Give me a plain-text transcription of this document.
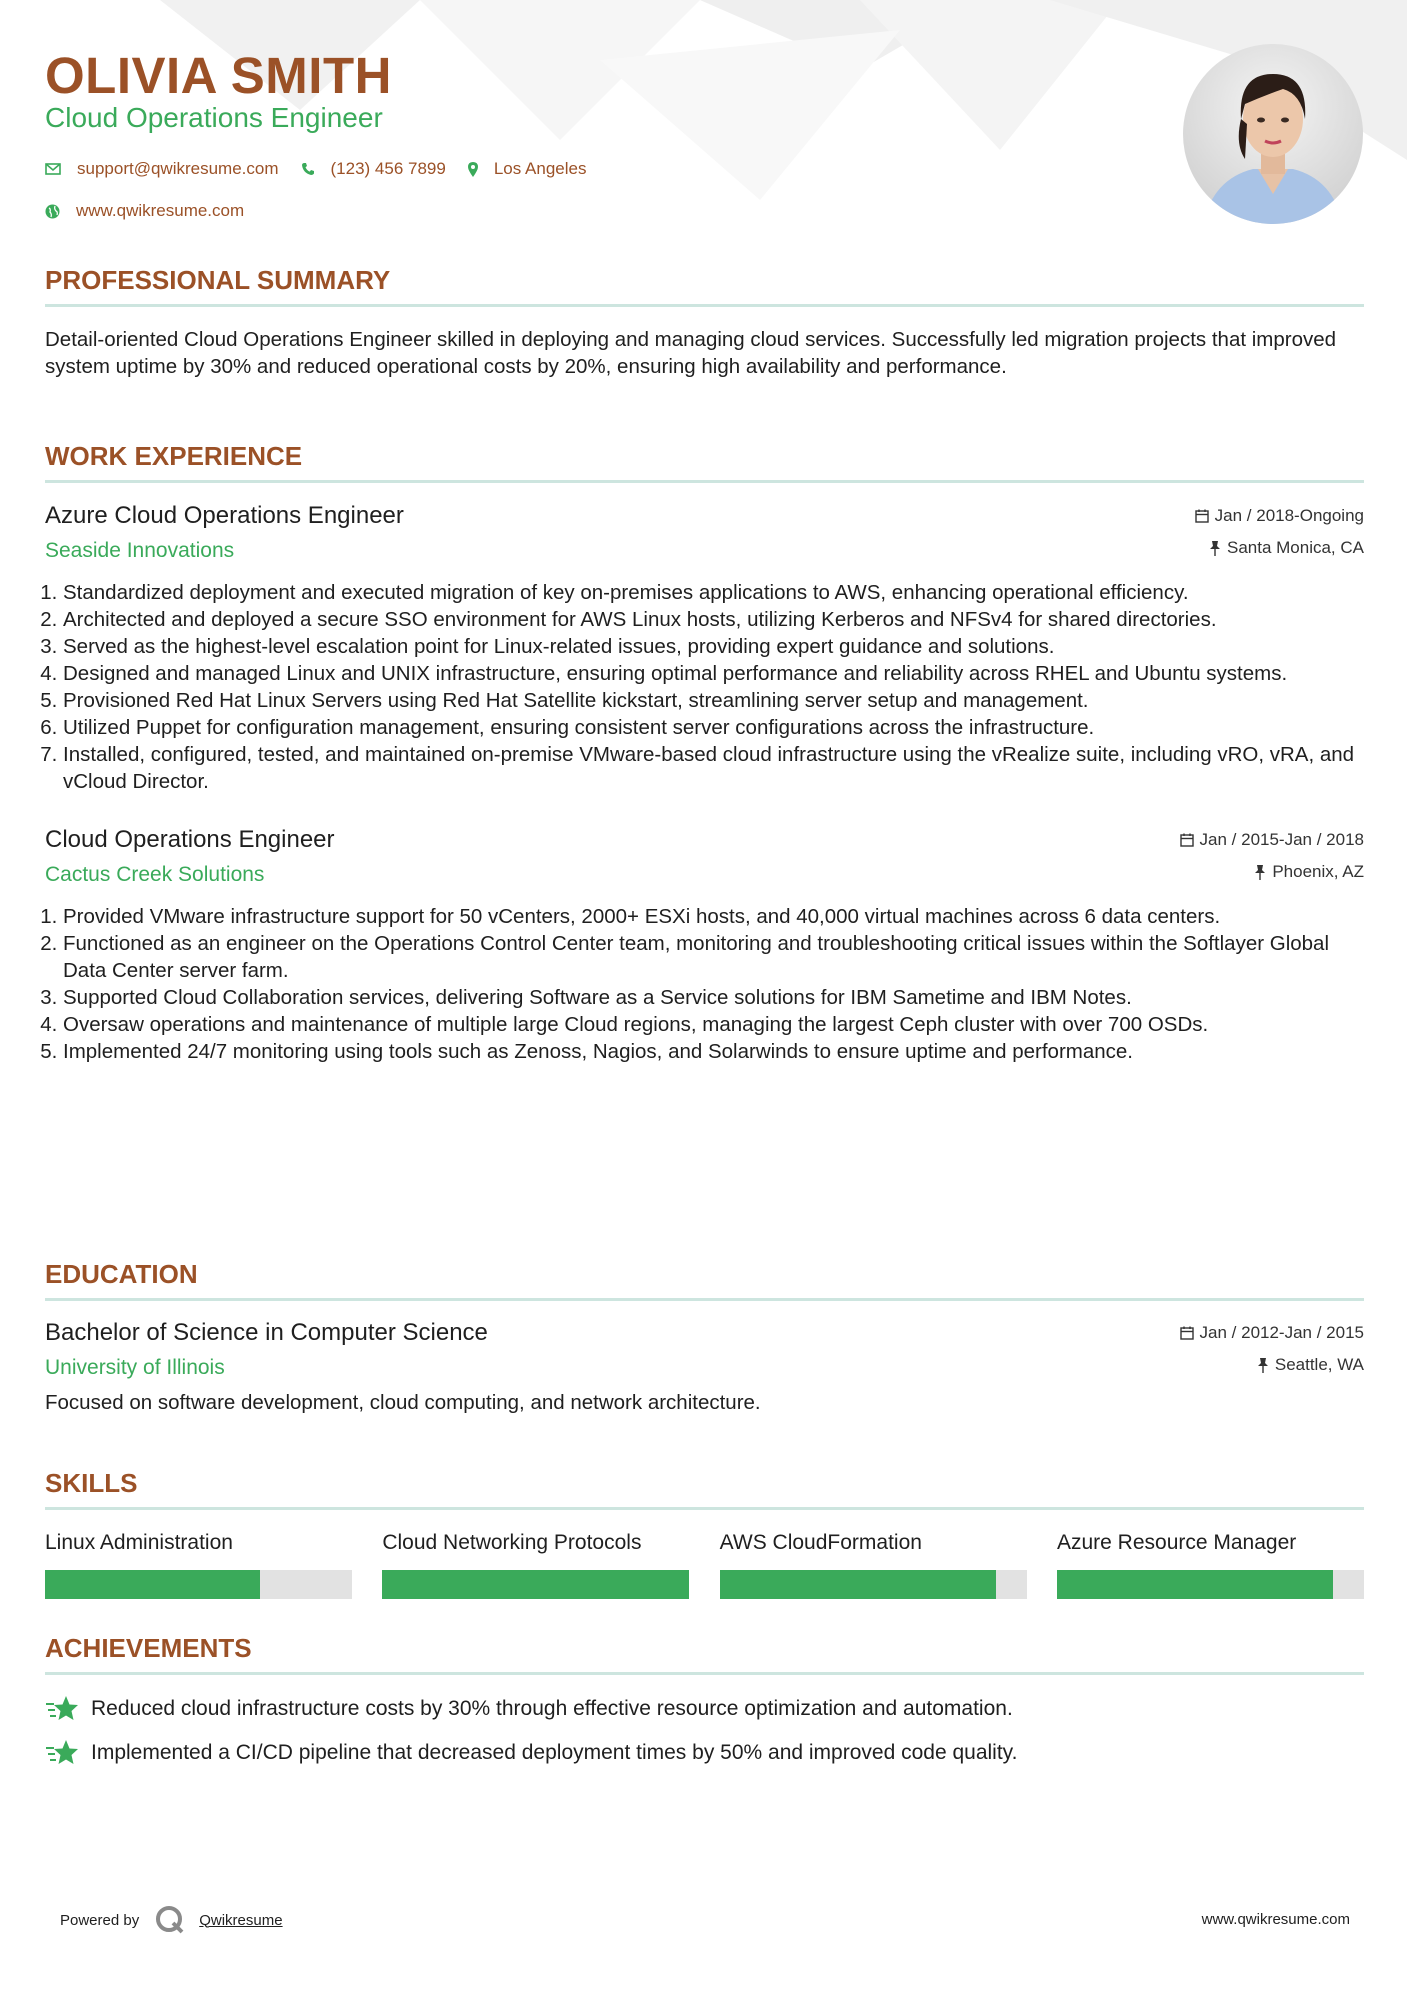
OLIVIA SMITH
Cloud Operations Engineer
support@qwikresume.com	(123) 456 7899	Los Angeles
www.qwikresume.com
PROFESSIONAL SUMMARY
Detail-oriented Cloud Operations Engineer skilled in deploying and managing cloud services. Successfully led migration projects that improved system uptime by 30% and reduced operational costs by 20%, ensuring high availability and performance.
WORK EXPERIENCE
Azure Cloud Operations Engineer
Seaside Innovations
Jan / 2018-Ongoing
Santa Monica, CA
1. Standardized deployment and executed migration of key on-premises applications to AWS, enhancing operational efficiency.
2. Architected and deployed a secure SSO environment for AWS Linux hosts, utilizing Kerberos and NFSv4 for shared directories.
3. Served as the highest-level escalation point for Linux-related issues, providing expert guidance and solutions.
4. Designed and managed Linux and UNIX infrastructure, ensuring optimal performance and reliability across RHEL and Ubuntu systems.
5. Provisioned Red Hat Linux Servers using Red Hat Satellite kickstart, streamlining server setup and management.
6. Utilized Puppet for configuration management, ensuring consistent server configurations across the infrastructure.
7. Installed, configured, tested, and maintained on-premise VMware-based cloud infrastructure using the vRealize suite, including vRO, vRA, and vCloud Director.
Cloud Operations Engineer
Cactus Creek Solutions
Jan / 2015-Jan / 2018
Phoenix, AZ
1. Provided VMware infrastructure support for 50 vCenters, 2000+ ESXi hosts, and 40,000 virtual machines across 6 data centers.
2. Functioned as an engineer on the Operations Control Center team, monitoring and troubleshooting critical issues within the Softlayer Global Data Center server farm.
3. Supported Cloud Collaboration services, delivering Software as a Service solutions for IBM Sametime and IBM Notes.
4. Oversaw operations and maintenance of multiple large Cloud regions, managing the largest Ceph cluster with over 700 OSDs.
5. Implemented 24/7 monitoring using tools such as Zenoss, Nagios, and Solarwinds to ensure uptime and performance.
EDUCATION
Bachelor of Science in Computer Science
University of Illinois
Jan / 2012-Jan / 2015
Seattle, WA
Focused on software development, cloud computing, and network architecture.
SKILLS
Linux Administration	Cloud Networking Protocols	AWS CloudFormation	Azure Resource Manager
ACHIEVEMENTS
Reduced cloud infrastructure costs by 30% through effective resource optimization and automation.
Implemented a CI/CD pipeline that decreased deployment times by 50% and improved code quality.
Powered by	Qwikresume	www.qwikresume.com
